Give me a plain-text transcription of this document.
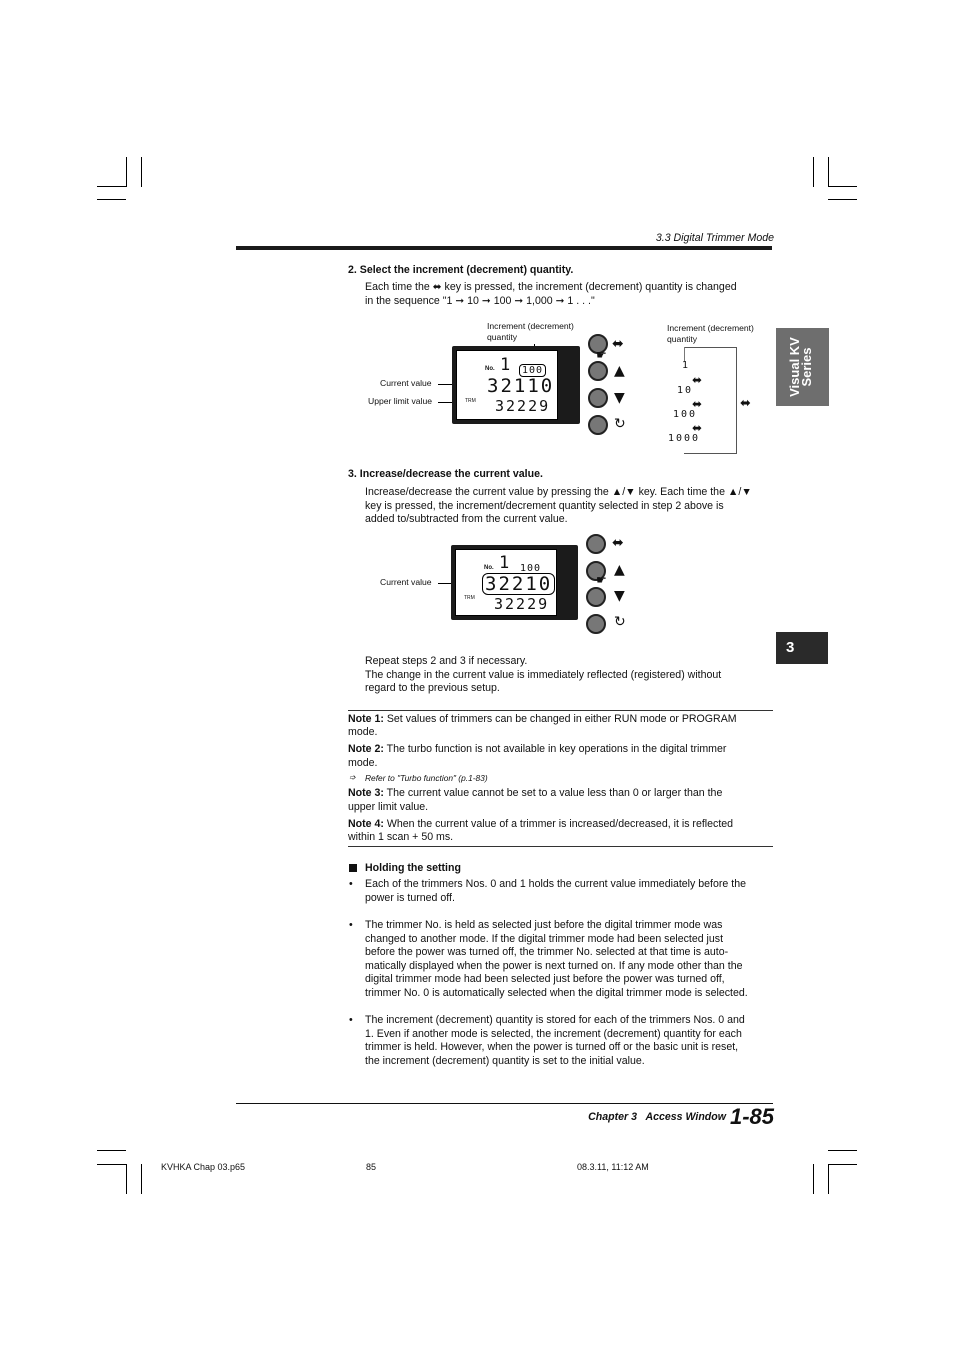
3.3 Digital Trimmer Mode
Visual KV
Series
3
2. Select the increment (decrement) quantity.
Each time the ⬌ key is pressed, the increment (decrement) quantity is changed
in the sequence "1 ➞ 10 ➞ 100 ➞ 1,000 ➞ 1 . . ."
Increment (decrement)
quantity
Current value
Upper limit value
No. 1 100
TRM
32110
32229
⬌
▲
▼
↻
☛
Increment (decrement)
quantity
1
⬌
10
⬌
100
⬌
1000
⬌
3. Increase/decrease the current value.
Increase/decrease the current value by pressing the ▲/▼ key. Each time the ▲/▼
key is pressed, the increment/decrement quantity selected in step 2 above is
added to/subtracted from the current value.
Current value
No. 1 100
TRM
32210
32229
⬌
▲
▼
↻
☛
Repeat steps 2 and 3 if necessary.
The change in the current value is immediately reflected (registered) without
regard to the previous setup.
Note 1: Set values of trimmers can be changed in either RUN mode or PROGRAM
mode.
Note 2: The turbo function is not available in key operations in the digital trimmer
mode.
➩ Refer to "Turbo function" (p.1-83)
Note 3: The current value cannot be set to a value less than 0 or larger than the
upper limit value.
Note 4: When the current value of a trimmer is increased/decreased, it is reflected
within 1 scan + 50 ms.
Holding the setting
• Each of the trimmers Nos. 0 and 1 holds the current value immediately before the
power is turned off.
• The trimmer No. is held as selected just before the digital trimmer mode was
changed to another mode. If the digital trimmer mode had been selected just
before the power was turned off, the trimmer No. selected at that time is auto-
matically displayed when the power is next turned on. If any mode other than the
digital trimmer mode had been selected just before the power was turned off,
trimmer No. 0 is automatically selected when the digital trimmer mode is selected.
• The increment (decrement) quantity is stored for each of the trimmers Nos. 0 and
1. Even if another mode is selected, the increment (decrement) quantity for each
trimmer is held. However, when the power is turned off or the basic unit is reset,
the increment (decrement) quantity is set to the initial value.
Chapter 3   Access Window 1-85
KVHKA Chap 03.p65	85	08.3.11, 11:12 AM
